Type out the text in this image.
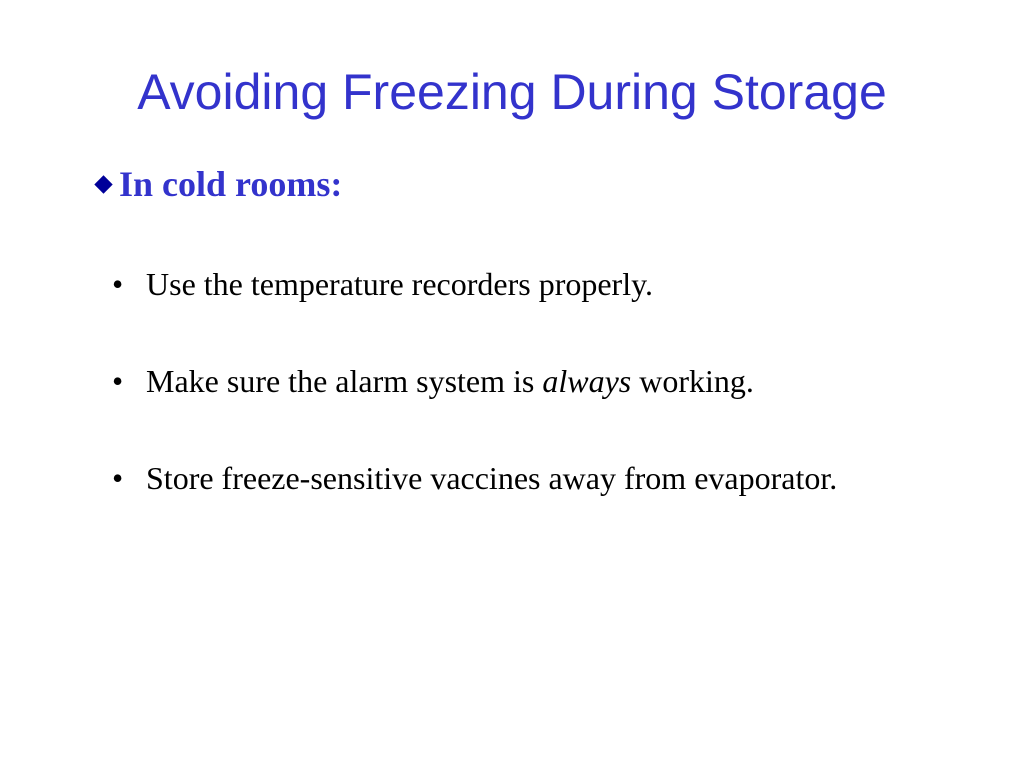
Avoiding Freezing During Storage
In cold rooms:
• Use the temperature recorders properly.
• Make sure the alarm system is always working.
• Store freeze-sensitive vaccines away from evaporator.
